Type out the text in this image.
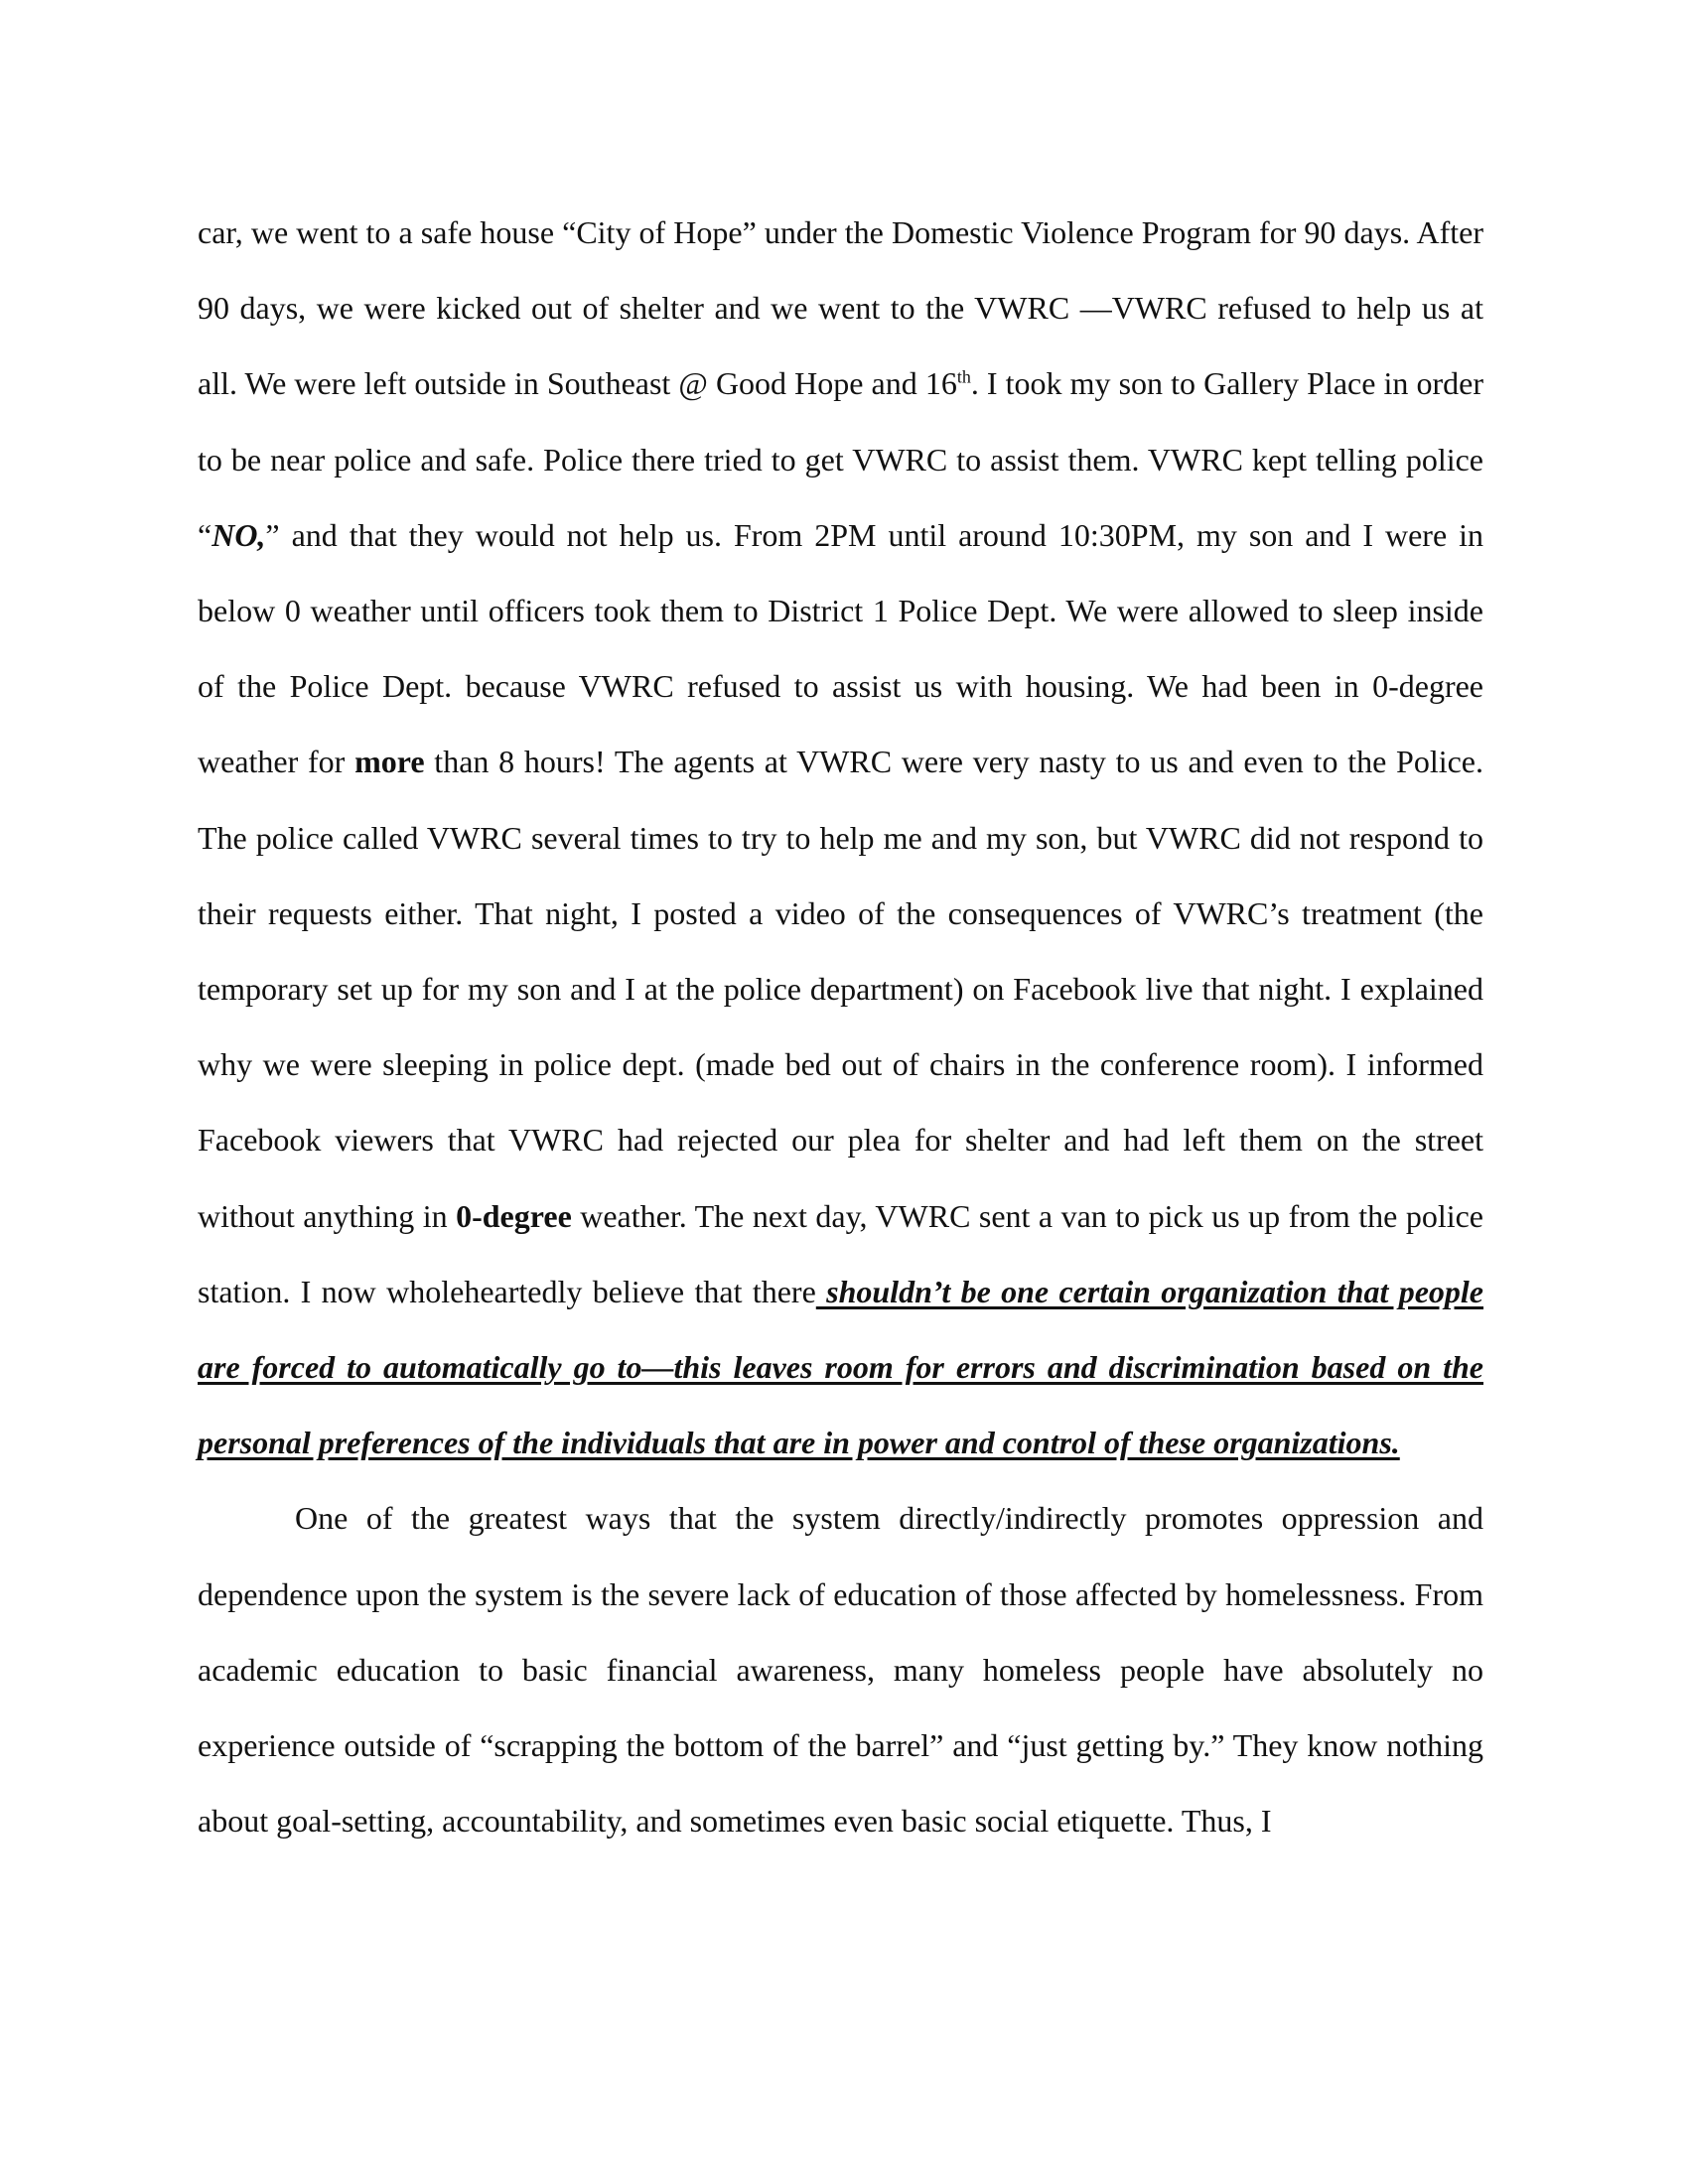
car, we went to a safe house “City of Hope” under the Domestic Violence Program for 90 days. After 90 days, we were kicked out of shelter and we went to the VWRC —VWRC refused to help us at all. We were left outside in Southeast @ Good Hope and 16th. I took my son to Gallery Place in order to be near police and safe. Police there tried to get VWRC to assist them. VWRC kept telling police “NO,” and that they would not help us. From 2PM until around 10:30PM, my son and I were in below 0 weather until officers took them to District 1 Police Dept. We were allowed to sleep inside of the Police Dept. because VWRC refused to assist us with housing. We had been in 0-degree weather for more than 8 hours! The agents at VWRC were very nasty to us and even to the Police. The police called VWRC several times to try to help me and my son, but VWRC did not respond to their requests either. That night, I posted a video of the consequences of VWRC’s treatment (the temporary set up for my son and I at the police department) on Facebook live that night. I explained why we were sleeping in police dept. (made bed out of chairs in the conference room). I informed Facebook viewers that VWRC had rejected our plea for shelter and had left them on the street without anything in 0-degree weather. The next day, VWRC sent a van to pick us up from the police station. I now wholeheartedly believe that there shouldn’t be one certain organization that people are forced to automatically go to—this leaves room for errors and discrimination based on the personal preferences of the individuals that are in power and control of these organizations.

One of the greatest ways that the system directly/indirectly promotes oppression and dependence upon the system is the severe lack of education of those affected by homelessness. From academic education to basic financial awareness, many homeless people have absolutely no experience outside of “scrapping the bottom of the barrel” and “just getting by.” They know nothing about goal-setting, accountability, and sometimes even basic social etiquette. Thus, I
